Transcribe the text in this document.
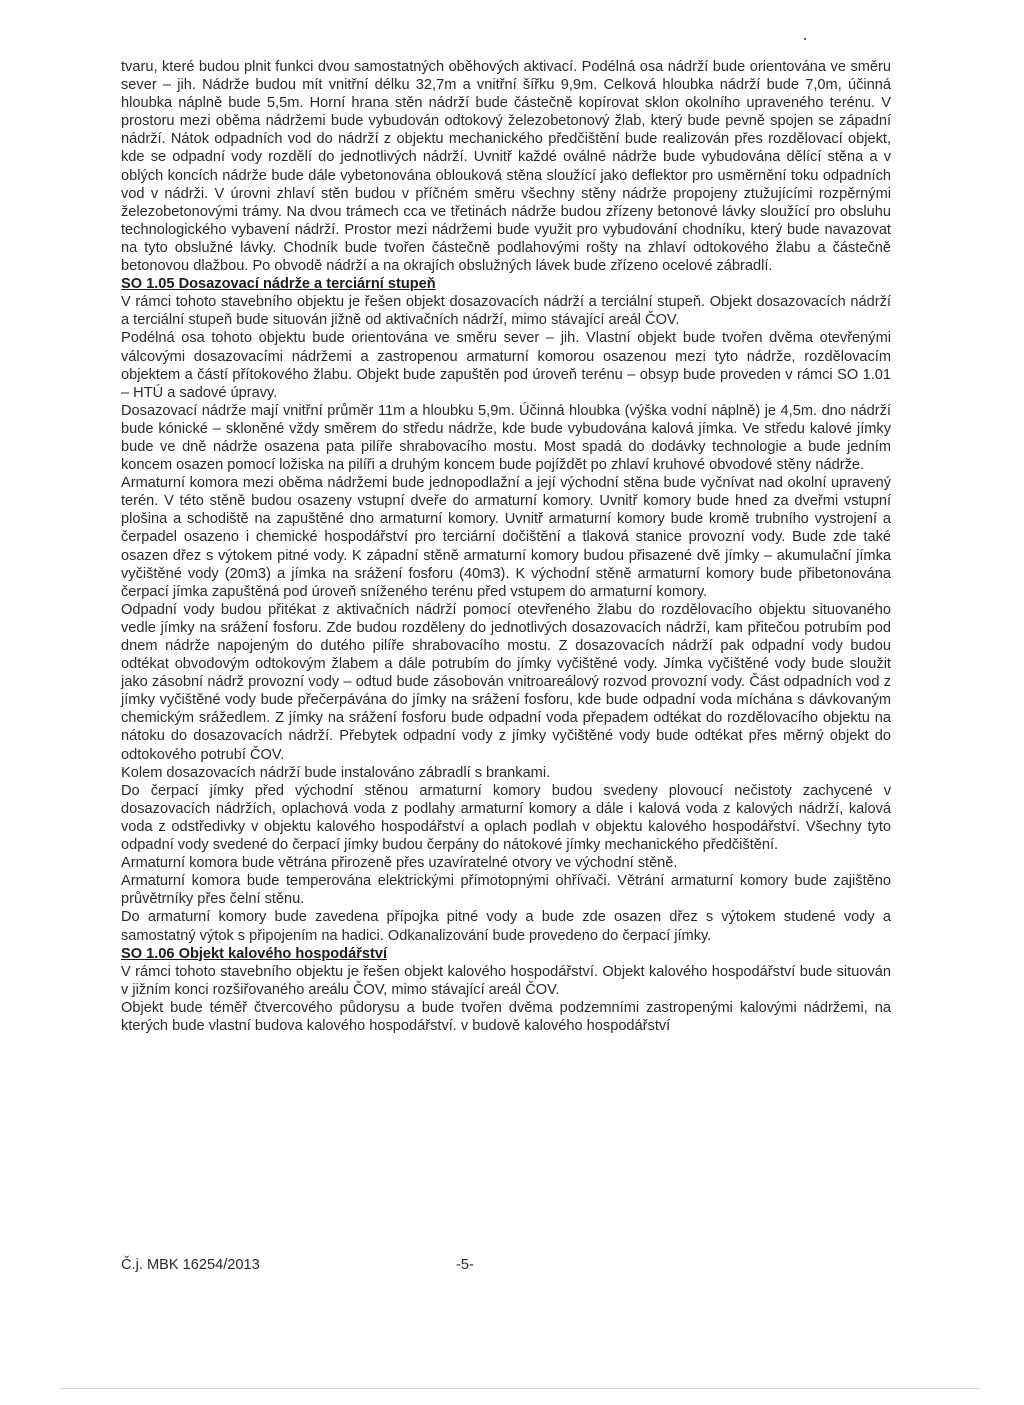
tvaru, které budou plnit funkci dvou samostatných oběhových aktivací. Podélná osa nádrží bude orientována ve směru sever – jih. Nádrže budou mít vnitřní délku 32,7m a vnitřní šířku 9,9m. Celková hloubka nádrží bude 7,0m, účinná hloubka náplně bude 5,5m. Horní hrana stěn nádrží bude částečně kopírovat sklon okolního upraveného terénu. V prostoru mezi oběma nádržemi bude vybudován odtokový železobetonový žlab, který bude pevně spojen se západní nádrží. Nátok odpadních vod do nádrží z objektu mechanického předčištění bude realizován přes rozdělovací objekt, kde se odpadní vody rozdělí do jednotlivých nádrží. Uvnitř každé oválné nádrže bude vybudována dělící stěna a v oblých koncích nádrže bude dále vybetonována oblouková stěna sloužící jako deflektor pro usměrnění toku odpadních vod v nádrži. V úrovni zhlaví stěn budou v příčném směru všechny stěny nádrže propojeny ztužujícími rozpěrnými železobetonovými trámy. Na dvou trámech cca ve třetinách nádrže budou zřízeny betonové lávky sloužící pro obsluhu technologického vybavení nádrží. Prostor mezi nádržemi bude využit pro vybudování chodníku, který bude navazovat na tyto obslužné lávky. Chodník bude tvořen částečně podlahovými rošty na zhlaví odtokového žlabu a částečně betonovou dlažbou. Po obvodě nádrží a na okrajích obslužných lávek bude zřízeno ocelové zábradlí.

SO 1.05 Dosazovací nádrže a terciární stupeň

V rámci tohoto stavebního objektu je řešen objekt dosazovacích nádrží a terciální stupeň. Objekt dosazovacích nádrží a terciální stupeň bude situován jižně od aktivačních nádrží, mimo stávající areál ČOV.

Podélná osa tohoto objektu bude orientována ve směru sever – jih. Vlastní objekt bude tvořen dvěma otevřenými válcovými dosazovacími nádržemi a zastropenou armaturní komorou osazenou mezi tyto nádrže, rozdělovacím objektem a částí přítokového žlabu. Objekt bude zapuštěn pod úroveň terénu – obsyp bude proveden v rámci SO 1.01 – HTÚ a sadové úpravy.

Dosazovací nádrže mají vnitřní průměr 11m a hloubku 5,9m. Účinná hloubka (výška vodní náplně) je 4,5m. dno nádrží bude kónické – skloněné vždy směrem do středu nádrže, kde bude vybudována kalová jímka. Ve středu kalové jímky bude ve dně nádrže osazena pata pilíře shrabovacího mostu. Most spadá do dodávky technologie a bude jedním koncem osazen pomocí ložiska na pilíři a druhým koncem bude pojíždět po zhlaví kruhové obvodové stěny nádrže.

Armaturní komora mezi oběma nádržemi bude jednopodlažní a její východní stěna bude vyčnívat nad okolní upravený terén. V této stěně budou osazeny vstupní dveře do armaturní komory. Uvnitř komory bude hned za dveřmi vstupní plošina a schodiště na zapuštěné dno armaturní komory. Uvnitř armaturní komory bude kromě trubního vystrojení a čerpadel osazeno i chemické hospodářství pro terciární dočištění a tlaková stanice provozní vody. Bude zde také osazen dřez s výtokem pitné vody. K západní stěně armaturní komory budou přisazené dvě jímky – akumulační jímka vyčištěné vody (20m3) a jímka na srážení fosforu (40m3). K východní stěně armaturní komory bude přibetonována čerpací jímka zapuštěná pod úroveň sníženého terénu před vstupem do armaturní komory.

Odpadní vody budou přitékat z aktivačních nádrží pomocí otevřeného žlabu do rozdělovacího objektu situovaného vedle jímky na srážení fosforu. Zde budou rozděleny do jednotlivých dosazovacích nádrží, kam přitečou potrubím pod dnem nádrže napojeným do dutého pilíře shrabovacího mostu. Z dosazovacích nádrží pak odpadní vody budou odtékat obvodovým odtokovým žlabem a dále potrubím do jímky vyčištěné vody. Jímka vyčištěné vody bude sloužit jako zásobní nádrž provozní vody – odtud bude zásobován vnitroareálový rozvod provozní vody. Část odpadních vod z jímky vyčištěné vody bude přečerpávána do jímky na srážení fosforu, kde bude odpadní voda míchána s dávkovaným chemickým srážedlem. Z jímky na srážení fosforu bude odpadní voda přepadem odtékat do rozdělovacího objektu na nátoku do dosazovacích nádrží. Přebytek odpadní vody z jímky vyčištěné vody bude odtékat přes měrný objekt do odtokového potrubí ČOV.

Kolem dosazovacích nádrží bude instalováno zábradlí s brankami.

Do čerpací jímky před východní stěnou armaturní komory budou svedeny plovoucí nečistoty zachycené v dosazovacích nádržích, oplachová voda z podlahy armaturní komory a dále i kalová voda z kalových nádrží, kalová voda z odstředivky v objektu kalového hospodářství a oplach podlah v objektu kalového hospodářství. Všechny tyto odpadní vody svedené do čerpací jímky budou čerpány do nátokové jímky mechanického předčištění.

Armaturní komora bude větrána přirozeně přes uzavíratelné otvory ve východní stěně.

Armaturní komora bude temperována elektrickými přímotopnými ohřívači. Větrání armaturní komory bude zajištěno průvětrníky přes čelní stěnu.

Do armaturní komory bude zavedena přípojka pitné vody a bude zde osazen dřez s výtokem studené vody a samostatný výtok s připojením na hadici. Odkanalizování bude provedeno do čerpací jímky.

SO 1.06 Objekt kalového hospodářství

V rámci tohoto stavebního objektu je řešen objekt kalového hospodářství. Objekt kalového hospodářství bude situován v jižním konci rozšiřovaného areálu ČOV, mimo stávající areál ČOV.

Objekt bude téměř čtvercového půdorysu a bude tvořen dvěma podzemními zastropenými kalovými nádržemi, na kterých bude vlastní budova kalového hospodářství. v budově kalového hospodářství

Č.j. MBK 16254/2013	-5-
